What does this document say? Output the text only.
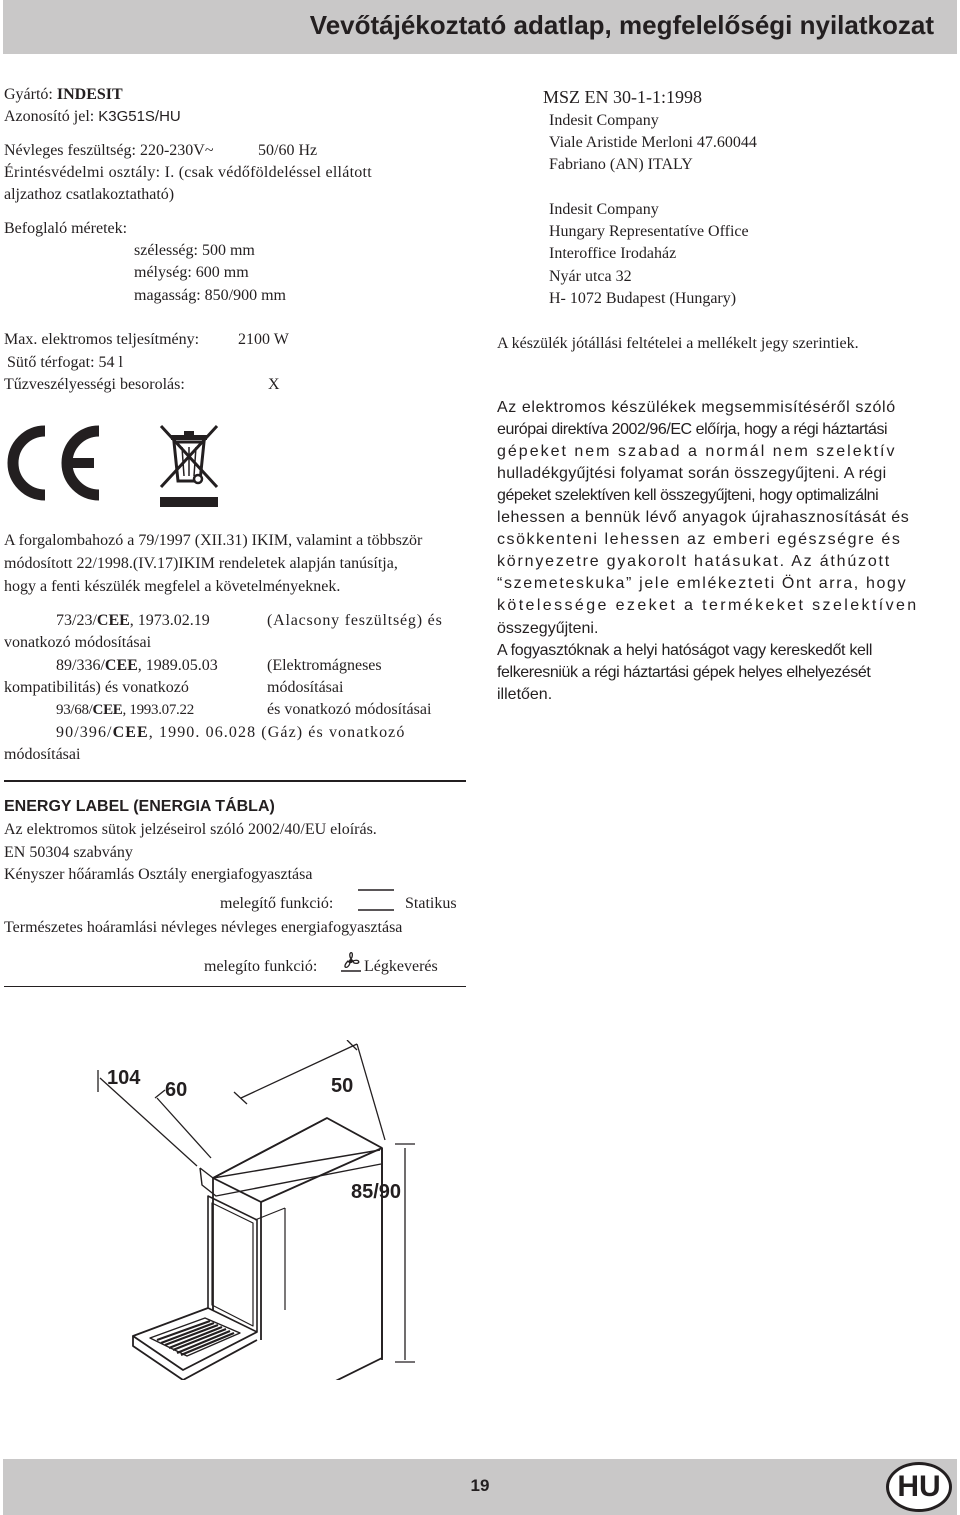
Vevőtájékoztató adatlap, megfelelőségi nyilatkozat
Gyártó: INDESIT
Azonosító jel: K3G51S/HU
Névleges feszültség: 220-230V~	50/60 Hz
Érintésvédelmi osztály: I. (csak védőföldeléssel ellátott
aljzathoz csatlakoztatható)
Befoglaló méretek:
szélesség: 500 mm
mélység: 600 mm
magasság: 850/900 mm
Max. elektromos teljesítmény: 2100 W
Sütő térfogat: 54 l
Tűzveszélyességi besorolás:	X
A forgalombahozó a 79/1997 (XII.31) IKIM, valamint a többször
módosított 22/1998.(IV.17)IKIM rendeletek alapján tanúsítja,
hogy a fenti készülék megfelel a követelményeknek.
73/23/CEE, 1973.02.19	(Alacsony feszültség) és
vonatkozó módosításai
89/336/CEE, 1989.05.03	(Elektromágneses
kompatibilitás) és vonatkozó	módosításai
93/68/CEE, 1993.07.22	és vonatkozó módosításai
90/396/CEE, 1990. 06.028 (Gáz) és vonatkozó
módosításai
MSZ EN 30-1-1:1998
Indesit Company
Viale Aristide Merloni 47.60044
Fabriano (AN) ITALY
Indesit Company
Hungary Representatíve Office
Interoffice Irodaház
Nyár utca 32
H- 1072 Budapest (Hungary)
A készülék jótállási feltételei a mellékelt jegy szerintiek.
Az elektromos készülékek megsemmisítéséről szóló
európai direktíva 2002/96/EC előírja, hogy a régi háztartási
gépeket nem szabad a normál nem szelektív
hulladékgyűjtési folyamat során összegyűjteni. A régi
gépeket szelektíven kell összegyűjteni, hogy optimalizálni
lehessen a bennük lévő anyagok újrahasznosítását és
csökkenteni lehessen az emberi egészségre és
környezetre gyakorolt hatásukat. Az áthúzott
“szemeteskuka” jele emlékezteti Önt arra, hogy
kötelessége ezeket a termékeket szelektíven
összegyűjteni.
A fogyasztóknak a helyi hatóságot vagy kereskedőt kell
felkeresniük a régi háztartási gépek helyes elhelyezését
illetően.
ENERGY LABEL (ENERGIA TÁBLA)
Az elektromos sütok jelzéseirol szóló 2002/40/EU eloírás.
EN 50304 szabvány
Kényszer hőáramlás Osztály energiafogyasztása
melegítő funkció:	Statikus
Természetes hoáramlási névleges névleges energiafogyasztása
melegíto funkció:	Légkeverés
104
60	50
85/90
19	HU
